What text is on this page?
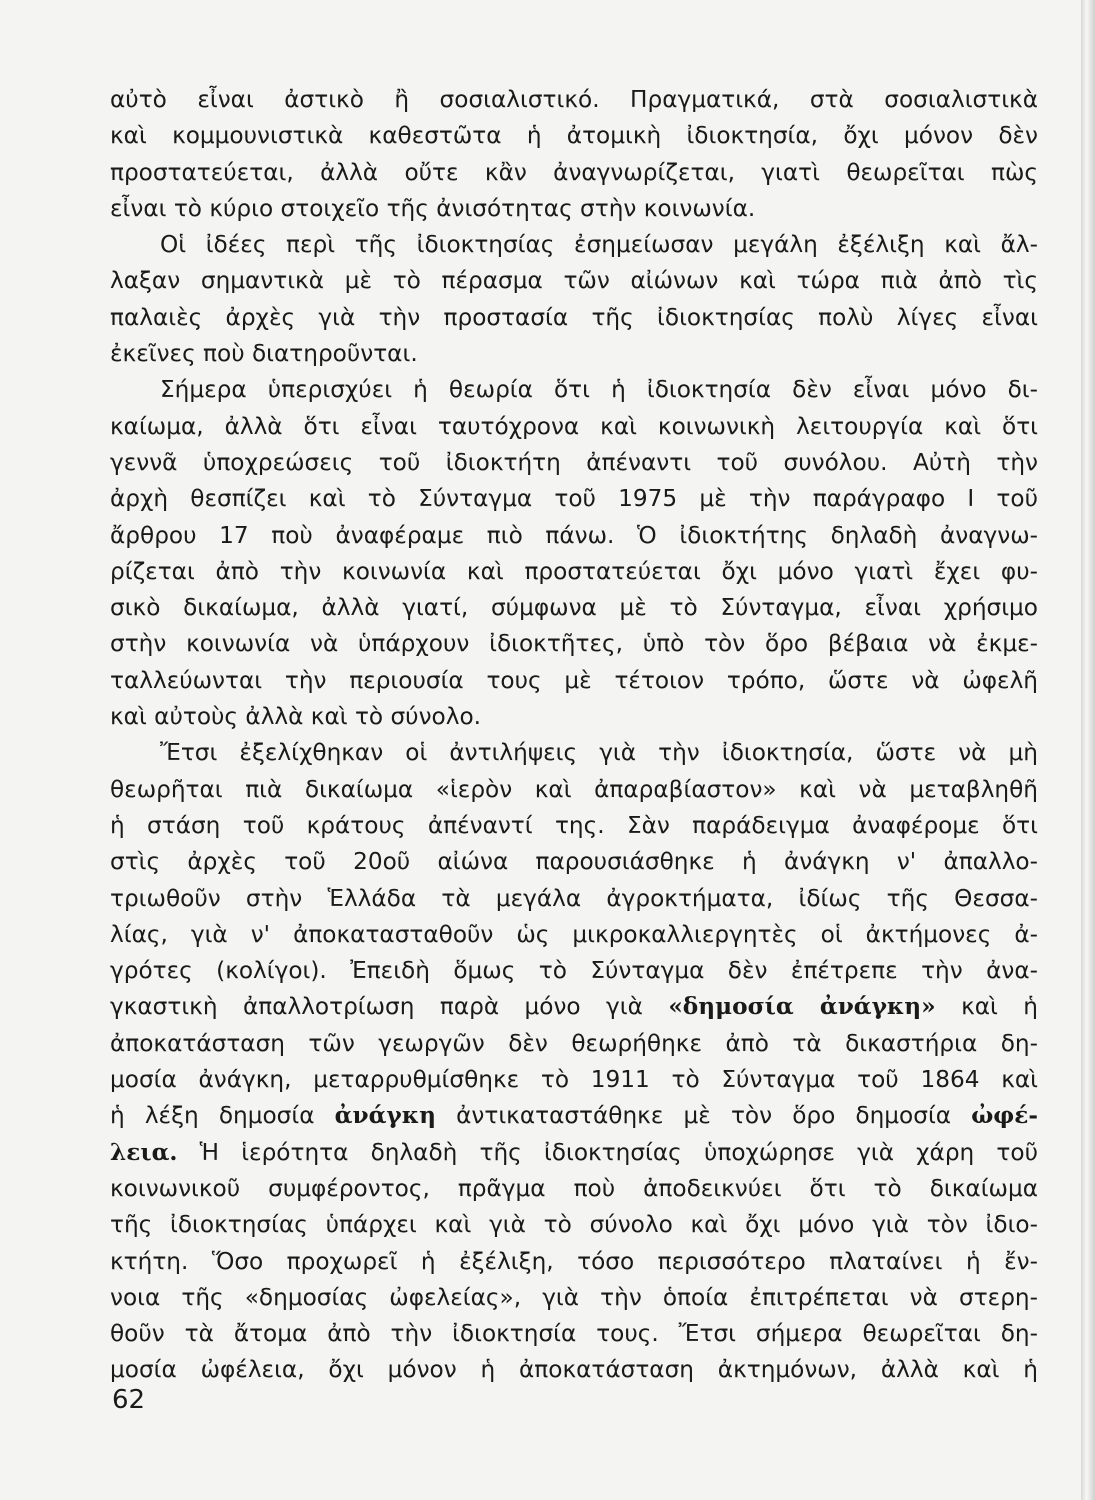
αὐτὸ εἶναι ἀστικὸ ἢ σοσιαλιστικό. Πραγματικά, στὰ σοσιαλιστικὰ
καὶ κομμουνιστικὰ καθεστῶτα ἡ ἀτομικὴ ἰδιοκτησία, ὄχι μόνον δὲν
προστατεύεται, ἀλλὰ οὔτε κἂν ἀναγνωρίζεται, γιατὶ θεωρεῖται πὼς
εἶναι τὸ κύριο στοιχεῖο τῆς ἀνισότητας στὴν κοινωνία.
Οἱ ἰδέες περὶ τῆς ἰδιοκτησίας ἐσημείωσαν μεγάλη ἐξέλιξη καὶ ἄλ-
λαξαν σημαντικὰ μὲ τὸ πέρασμα τῶν αἰώνων καὶ τώρα πιὰ ἀπὸ τὶς
παλαιὲς ἀρχὲς γιὰ τὴν προστασία τῆς ἰδιοκτησίας πολὺ λίγες εἶναι
ἐκεῖνες ποὺ διατηροῦνται.
Σήμερα ὑπερισχύει ἡ θεωρία ὅτι ἡ ἰδιοκτησία δὲν εἶναι μόνο δι-
καίωμα, ἀλλὰ ὅτι εἶναι ταυτόχρονα καὶ κοινωνικὴ λειτουργία καὶ ὅτι
γεννᾶ ὑποχρεώσεις τοῦ ἰδιοκτήτη ἀπέναντι τοῦ συνόλου. Αὐτὴ τὴν
ἀρχὴ θεσπίζει καὶ τὸ Σύνταγμα τοῦ 1975 μὲ τὴν παράγραφο Ι τοῦ
ἄρθρου 17 ποὺ ἀναφέραμε πιὸ πάνω. Ὁ ἰδιοκτήτης δηλαδὴ ἀναγνω-
ρίζεται ἀπὸ τὴν κοινωνία καὶ προστατεύεται ὄχι μόνο γιατὶ ἔχει φυ-
σικὸ δικαίωμα, ἀλλὰ γιατί, σύμφωνα μὲ τὸ Σύνταγμα, εἶναι χρήσιμο
στὴν κοινωνία νὰ ὑπάρχουν ἰδιοκτῆτες, ὑπὸ τὸν ὅρο βέβαια νὰ ἐκμε-
ταλλεύωνται τὴν περιουσία τους μὲ τέτοιον τρόπο, ὥστε νὰ ὠφελῆ
καὶ αὐτοὺς ἀλλὰ καὶ τὸ σύνολο.
Ἔτσι ἐξελίχθηκαν οἱ ἀντιλήψεις γιὰ τὴν ἰδιοκτησία, ὥστε νὰ μὴ
θεωρῆται πιὰ δικαίωμα «ἱερὸν καὶ ἀπαραβίαστον» καὶ νὰ μεταβληθῆ
ἡ στάση τοῦ κράτους ἀπέναντί της. Σὰν παράδειγμα ἀναφέρομε ὅτι
στὶς ἀρχὲς τοῦ 20οῦ αἰώνα παρουσιάσθηκε ἡ ἀνάγκη ν' ἀπαλλο-
τριωθοῦν στὴν Ἑλλάδα τὰ μεγάλα ἀγροκτήματα, ἰδίως τῆς Θεσσα-
λίας, γιὰ ν' ἀποκατασταθοῦν ὡς μικροκαλλιεργητὲς οἱ ἀκτήμονες ἀ-
γρότες (κολίγοι). Ἐπειδὴ ὅμως τὸ Σύνταγμα δὲν ἐπέτρεπε τὴν ἀνα-
γκαστικὴ ἀπαλλοτρίωση παρὰ μόνο γιὰ «δημοσία ἀνάγκη» καὶ ἡ
ἀποκατάσταση τῶν γεωργῶν δὲν θεωρήθηκε ἀπὸ τὰ δικαστήρια δη-
μοσία ἀνάγκη, μεταρρυθμίσθηκε τὸ 1911 τὸ Σύνταγμα τοῦ 1864 καὶ
ἡ λέξη δημοσία ἀνάγκη ἀντικαταστάθηκε μὲ τὸν ὅρο δημοσία ὠφέ-
λεια. Ἡ ἱερότητα δηλαδὴ τῆς ἰδιοκτησίας ὑποχώρησε γιὰ χάρη τοῦ
κοινωνικοῦ συμφέροντος, πρᾶγμα ποὺ ἀποδεικνύει ὅτι τὸ δικαίωμα
τῆς ἰδιοκτησίας ὑπάρχει καὶ γιὰ τὸ σύνολο καὶ ὄχι μόνο γιὰ τὸν ἰδιο-
κτήτη. Ὅσο προχωρεῖ ἡ ἐξέλιξη, τόσο περισσότερο πλαταίνει ἡ ἔν-
νοια τῆς «δημοσίας ὠφελείας», γιὰ τὴν ὁποία ἐπιτρέπεται νὰ στερη-
θοῦν τὰ ἄτομα ἀπὸ τὴν ἰδιοκτησία τους. Ἔτσι σήμερα θεωρεῖται δη-
μοσία ὠφέλεια, ὄχι μόνον ἡ ἀποκατάσταση ἀκτημόνων, ἀλλὰ καὶ ἡ
62
